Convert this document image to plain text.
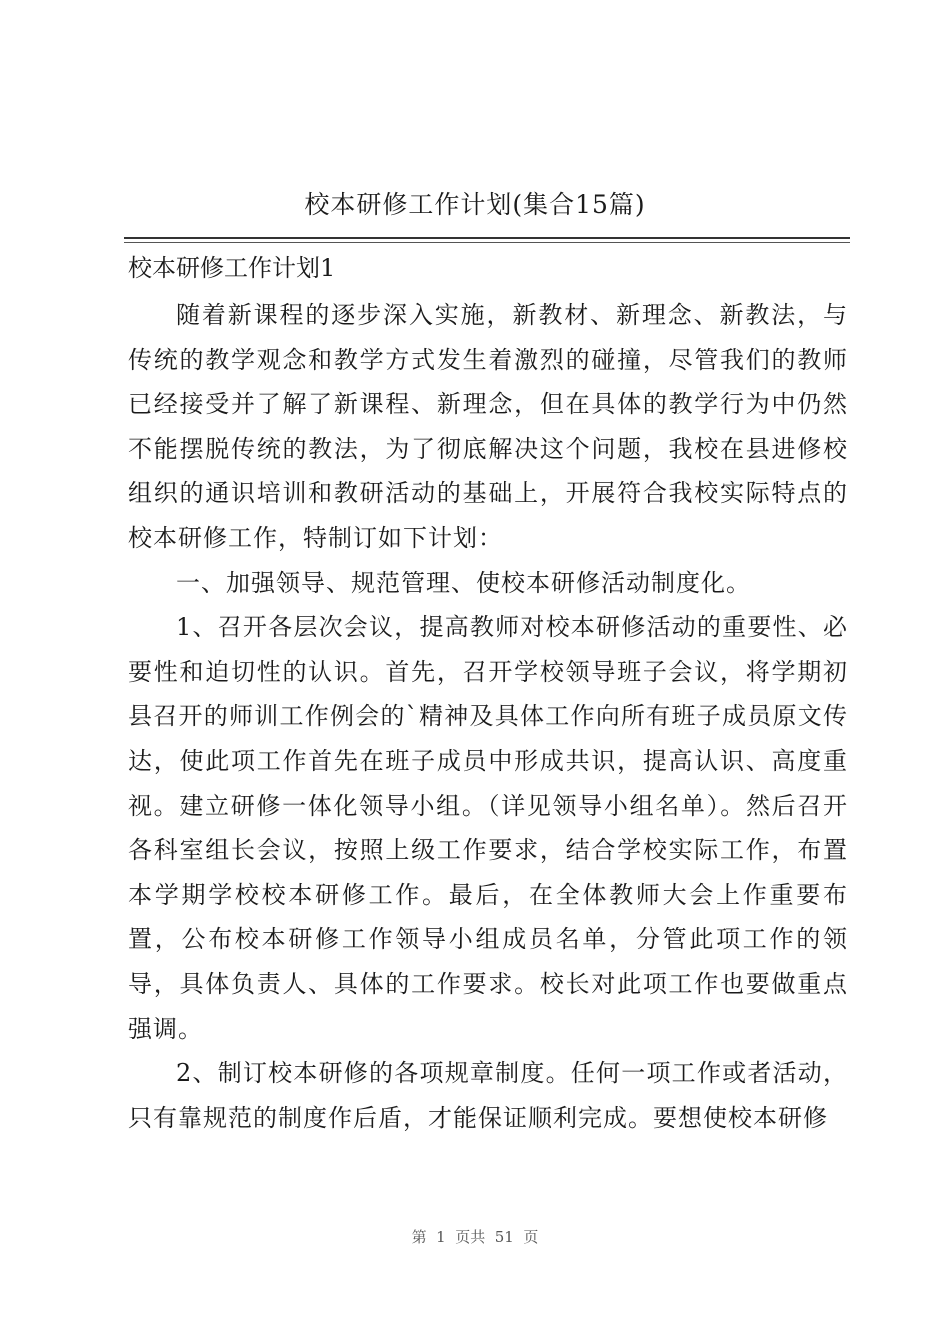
校本研修工作计划(集合15篇)
校本研修工作计划1

随着新课程的逐步深入实施，新教材、新理念、新教法，与传统的教学观念和教学方式发生着激烈的碰撞，尽管我们的教师已经接受并了解了新课程、新理念，但在具体的教学行为中仍然不能摆脱传统的教法，为了彻底解决这个问题，我校在县进修校组织的通识培训和教研活动的基础上，开展符合我校实际特点的校本研修工作，特制订如下计划：

一、加强领导、规范管理、使校本研修活动制度化。

1、召开各层次会议，提高教师对校本研修活动的重要性、必要性和迫切性的认识。首先，召开学校领导班子会议，将学期初县召开的师训工作例会的`精神及具体工作向所有班子成员原文传达，使此项工作首先在班子成员中形成共识，提高认识、高度重视。建立研修一体化领导小组。（详见领导小组名单）。然后召开各科室组长会议，按照上级工作要求，结合学校实际工作，布置本学期学校校本研修工作。最后，在全体教师大会上作重要布置，公布校本研修工作领导小组成员名单，分管此项工作的领导，具体负责人、具体的工作要求。校长对此项工作也要做重点强调。

2、制订校本研修的各项规章制度。任何一项工作或者活动，只有靠规范的制度作后盾，才能保证顺利完成。要想使校本研修

第  1  页共  51  页
